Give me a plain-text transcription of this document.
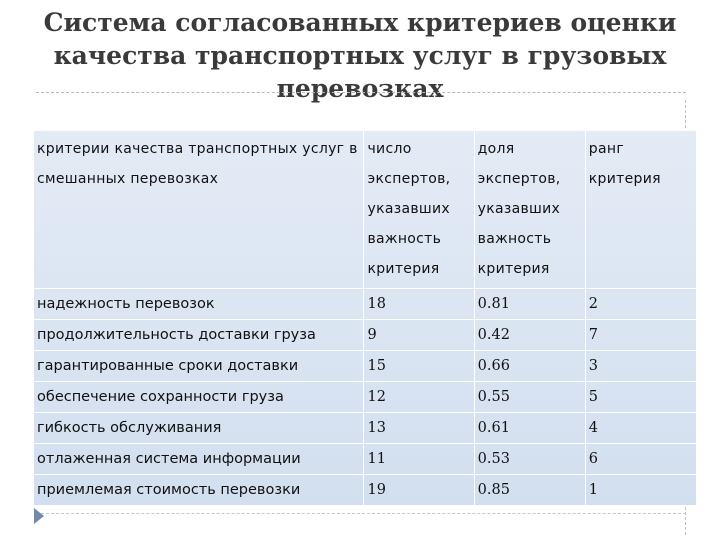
Система согласованных критериев оценки качества транспортных услуг в грузовых перевозках
критерии качества транспортных услуг в смешанных перевозках	число экспертов, указавших важность критерия	доля экспертов, указавших важность критерия	ранг критерия
надежность перевозок	18	0.81	2
продолжительность доставки груза	9	0.42	7
гарантированные сроки доставки	15	0.66	3
обеспечение сохранности груза	12	0.55	5
гибкость обслуживания	13	0.61	4
отлаженная система информации	11	0.53	6
приемлемая стоимость перевозки	19	0.85	1
